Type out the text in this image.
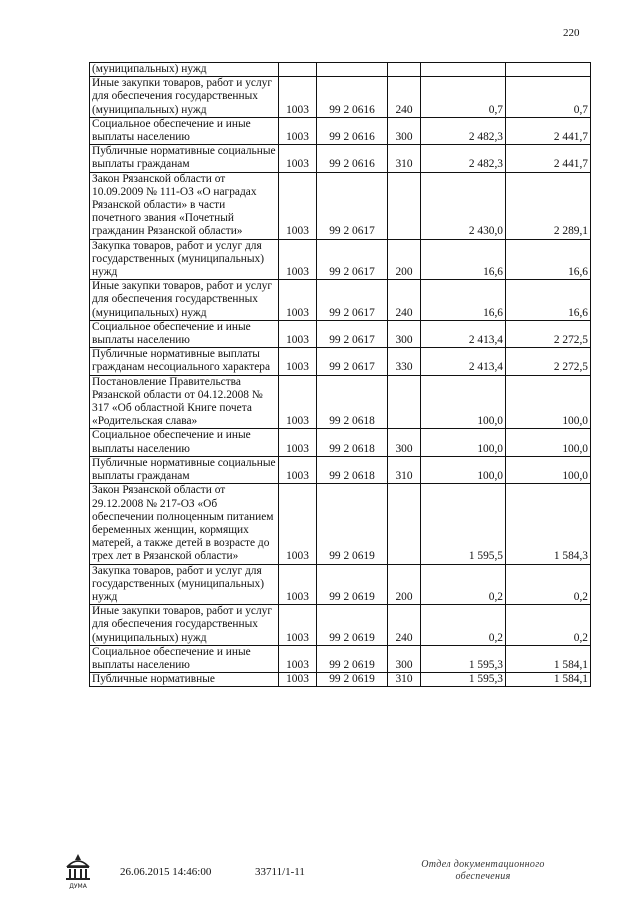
220
(муниципальных) нужд					
Иные закупки товаров, работ и услуг для обеспечения государственных (муниципальных) нужд	1003	99 2 0616	240	0,7	0,7
Социальное обеспечение и иные выплаты населению	1003	99 2 0616	300	2 482,3	2 441,7
Публичные нормативные социальные выплаты гражданам	1003	99 2 0616	310	2 482,3	2 441,7
Закон Рязанской области от 10.09.2009 № 111-ОЗ «О наградах Рязанской области» в части почетного звания «Почетный гражданин Рязанской области»	1003	99 2 0617		2 430,0	2 289,1
Закупка товаров, работ и услуг для государственных (муниципальных) нужд	1003	99 2 0617	200	16,6	16,6
Иные закупки товаров, работ и услуг для обеспечения государственных (муниципальных) нужд	1003	99 2 0617	240	16,6	16,6
Социальное обеспечение и иные выплаты населению	1003	99 2 0617	300	2 413,4	2 272,5
Публичные нормативные выплаты гражданам несоциального характера	1003	99 2 0617	330	2 413,4	2 272,5
Постановление Правительства Рязанской области от 04.12.2008 № 317 «Об областной Книге почета «Родительская слава»	1003	99 2 0618		100,0	100,0
Социальное обеспечение и иные выплаты населению	1003	99 2 0618	300	100,0	100,0
Публичные нормативные социальные выплаты гражданам	1003	99 2 0618	310	100,0	100,0
Закон Рязанской области от 29.12.2008 № 217-ОЗ «Об обеспечении полноценным питанием беременных женщин, кормящих матерей, а также детей в возрасте до трех лет в Рязанской области»	1003	99 2 0619		1 595,5	1 584,3
Закупка товаров, работ и услуг для государственных (муниципальных) нужд	1003	99 2 0619	200	0,2	0,2
Иные закупки товаров, работ и услуг для обеспечения государственных (муниципальных) нужд	1003	99 2 0619	240	0,2	0,2
Социальное обеспечение и иные выплаты населению	1003	99 2 0619	300	1 595,3	1 584,1
Публичные нормативные	1003	99 2 0619	310	1 595,3	1 584,1
ДУМА
26.06.2015 14:46:00	33711/1-11
Отдел документационного обеспечения
